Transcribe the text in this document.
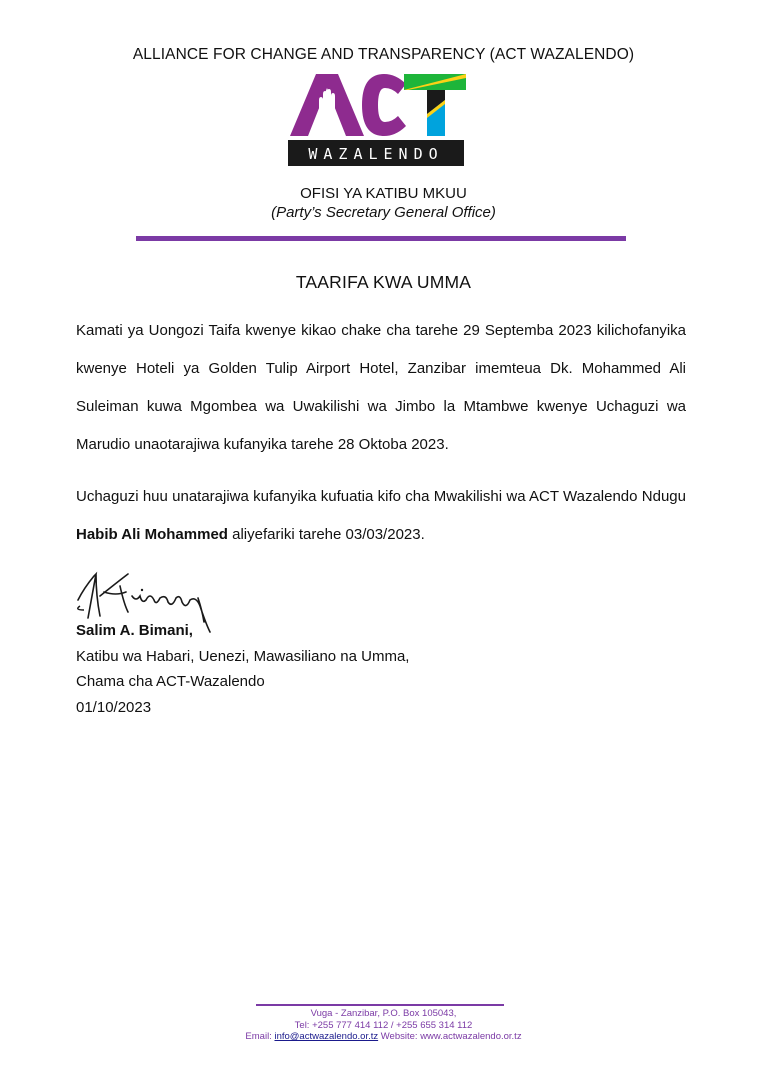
ALLIANCE FOR CHANGE AND TRANSPARENCY (ACT WAZALENDO)
WAZALENDO
OFISI YA KATIBU MKUU
(Party’s Secretary General Office)
TAARIFA KWA UMMA
Kamati ya Uongozi Taifa kwenye kikao chake cha tarehe 29 Septemba 2023 kilichofanyika kwenye Hoteli ya Golden Tulip Airport Hotel, Zanzibar imemteua Dk. Mohammed Ali Suleiman kuwa Mgombea wa Uwakilishi wa Jimbo la Mtambwe kwenye Uchaguzi wa Marudio unaotarajiwa kufanyika tarehe 28 Oktoba 2023.
Uchaguzi huu unatarajiwa kufanyika kufuatia kifo cha Mwakilishi wa ACT Wazalendo Ndugu Habib Ali Mohammed aliyefariki tarehe 03/03/2023.
Salim A. Bimani,
Katibu wa Habari, Uenezi, Mawasiliano na Umma,
Chama cha ACT-Wazalendo
01/10/2023
Vuga - Zanzibar, P.O. Box 105043,
Tel: +255 777 414 112 / +255 655 314 112
Email: info@actwazalendo.or.tz Website: www.actwazalendo.or.tz
